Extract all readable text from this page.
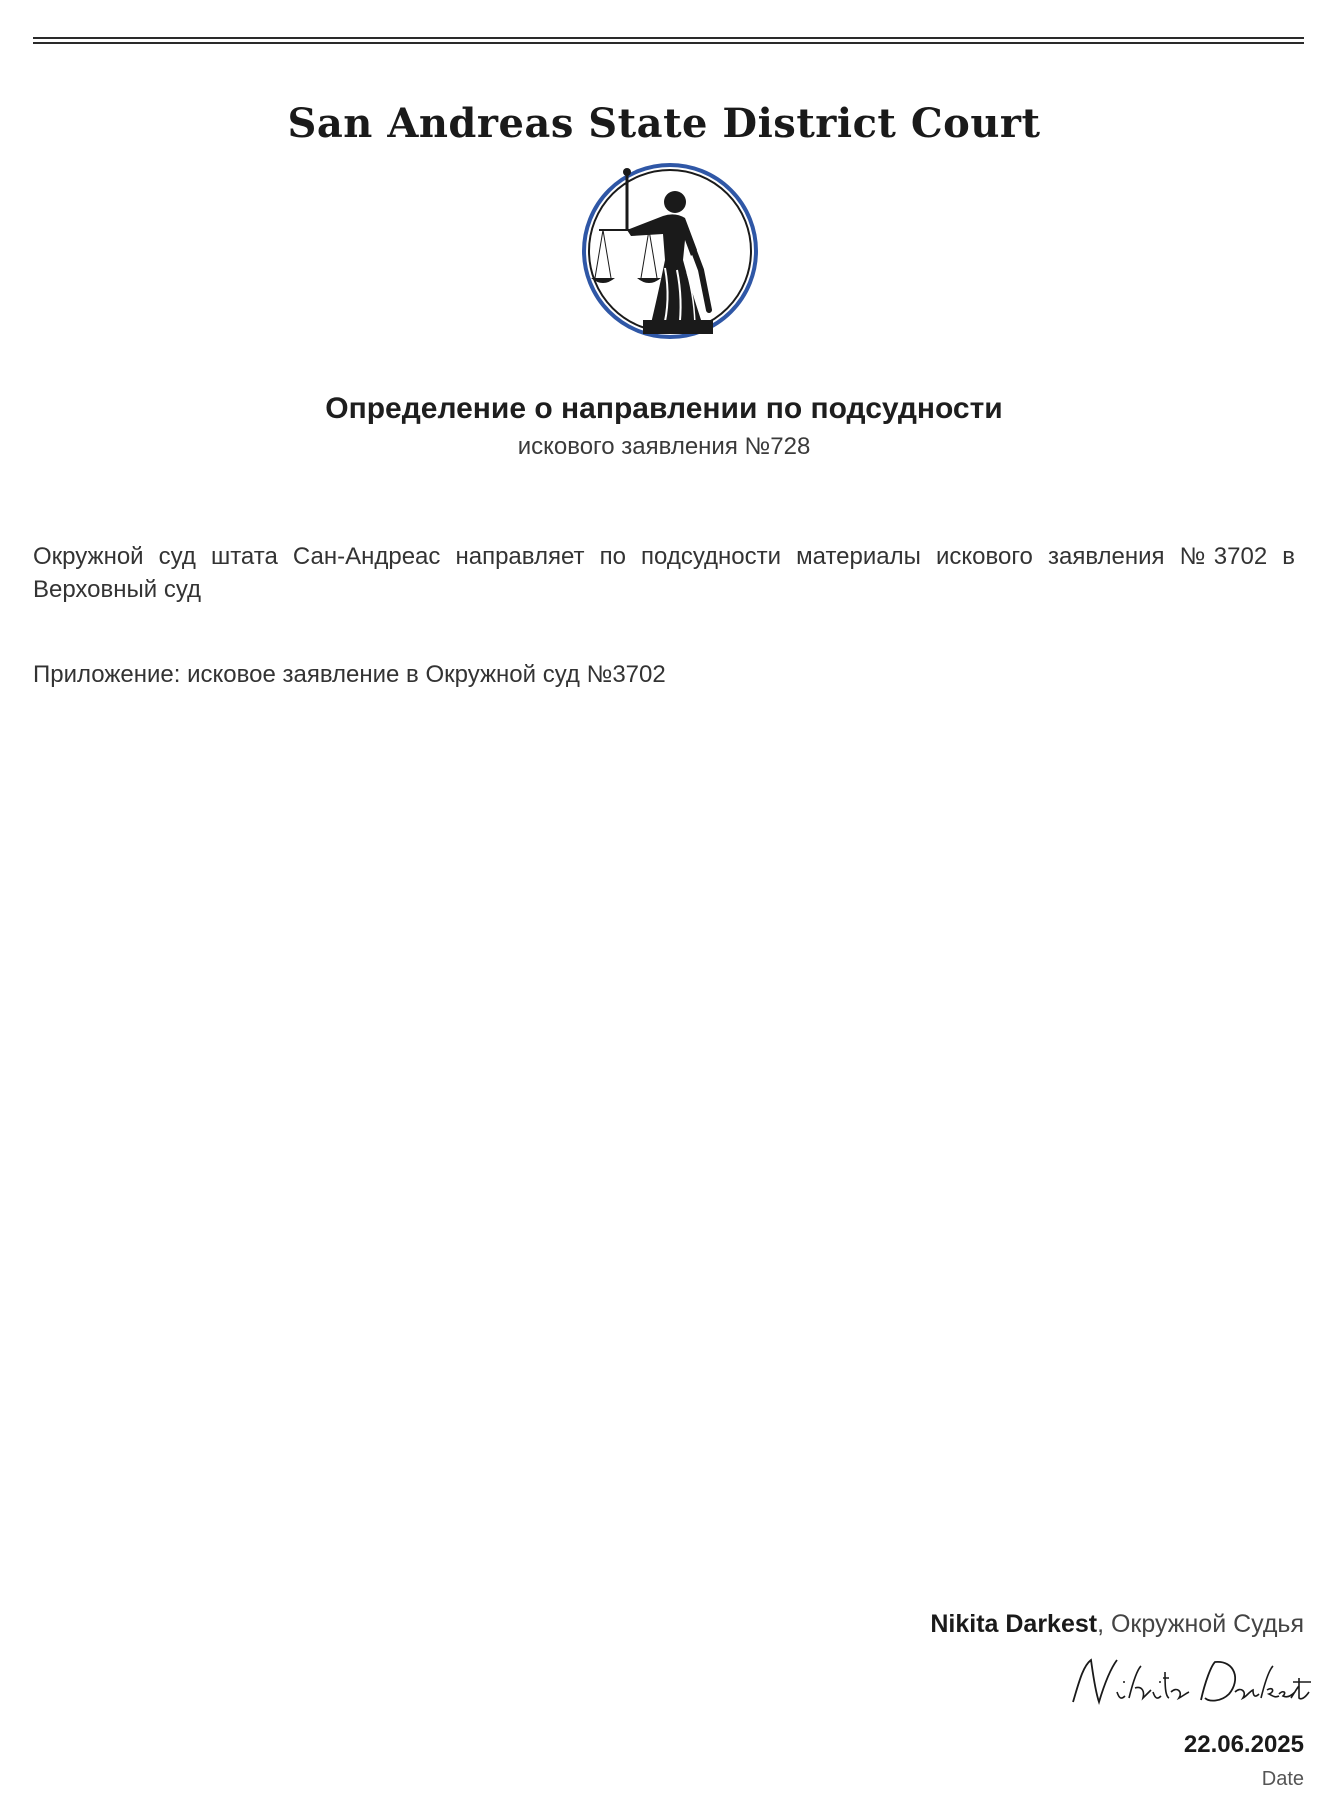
San Andreas State District Court
Определение о направлении по подсудности
искового заявления №728
Окружной суд штата Сан-Андреас направляет по подсудности материалы искового заявления №3702 в Верховный суд
Приложение: исковое заявление в Окружной суд №3702
Nikita Darkest, Окружной Судья
22.06.2025
Date
